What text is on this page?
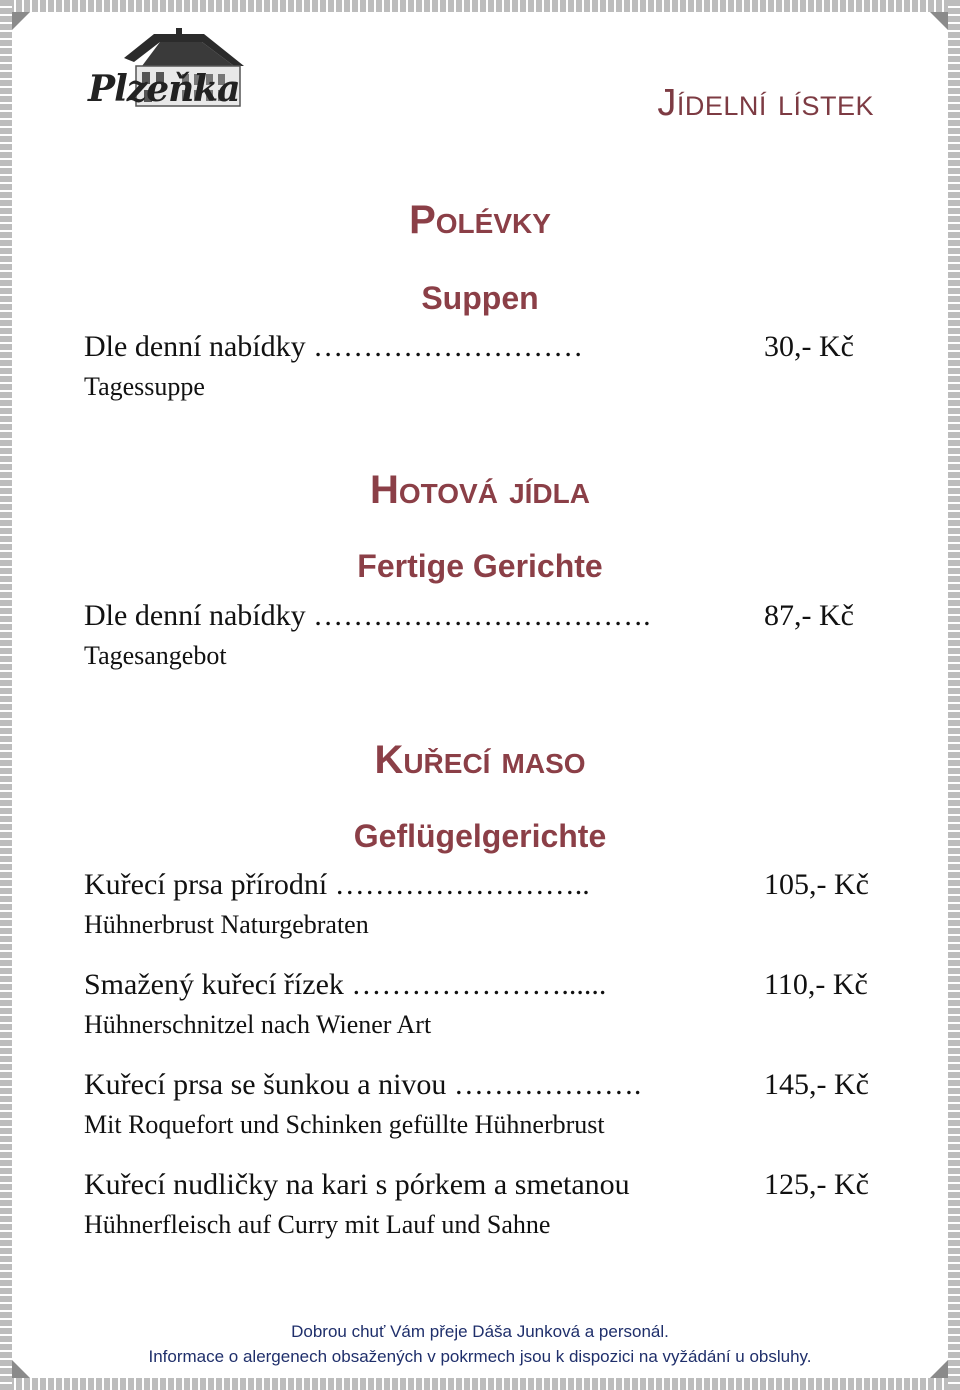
Plzeňka	Jídelní lístek
Polévky
Suppen
Dle denní nabídky ………………………
Tagessuppe
30,- Kč
Hotová jídla
Fertige Gerichte
Dle denní nabídky …………………………….
Tagesangebot
87,- Kč
Kuřecí maso
Geflügelgerichte
Kuřecí prsa přírodní ……………………..
Hühnerbrust Naturgebraten
105,- Kč
Smažený kuřecí řízek …………………......
Hühnerschnitzel nach Wiener Art
110,- Kč
Kuřecí prsa se šunkou a nivou ……………….
Mit Roquefort und Schinken gefüllte Hühnerbrust
145,- Kč
Kuřecí nudličky na kari s pórkem a smetanou
Hühnerfleisch auf Curry mit Lauf und Sahne
125,- Kč
Dobrou chuť Vám přeje Dáša Junková a personál.
Informace o alergenech obsažených v pokrmech jsou k dispozici na vyžádání u obsluhy.
